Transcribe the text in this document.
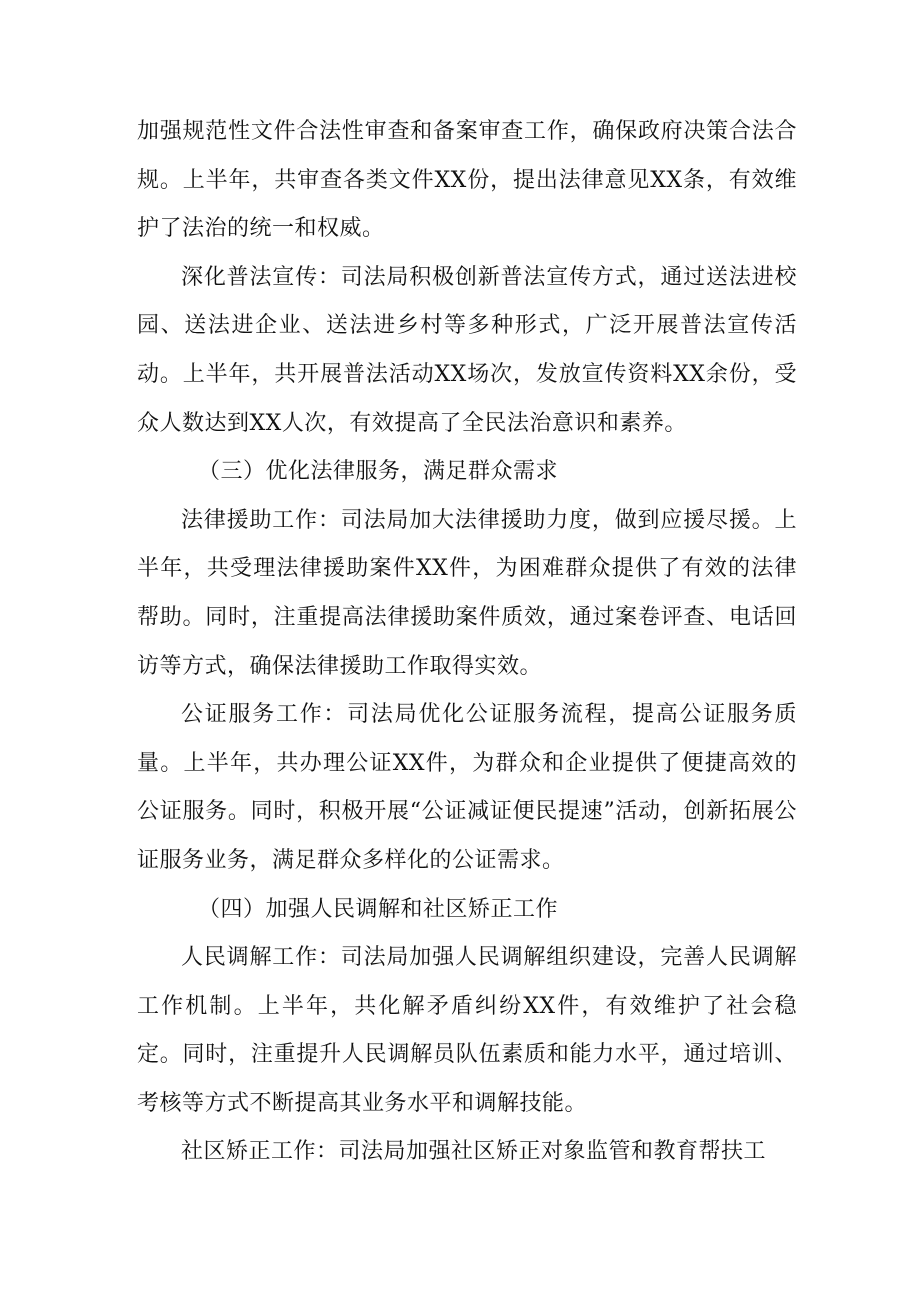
加强规范性文件合法性审查和备案审查工作，确保政府决策合法合规。上半年，共审查各类文件XX份，提出法律意见XX条，有效维护了法治的统一和权威。

深化普法宣传：司法局积极创新普法宣传方式，通过送法进校园、送法进企业、送法进乡村等多种形式，广泛开展普法宣传活动。上半年，共开展普法活动XX场次，发放宣传资料XX余份，受众人数达到XX人次，有效提高了全民法治意识和素养。

（三）优化法律服务，满足群众需求

法律援助工作：司法局加大法律援助力度，做到应援尽援。上半年，共受理法律援助案件XX件，为困难群众提供了有效的法律帮助。同时，注重提高法律援助案件质效，通过案卷评查、电话回访等方式，确保法律援助工作取得实效。

公证服务工作：司法局优化公证服务流程，提高公证服务质量。上半年，共办理公证XX件，为群众和企业提供了便捷高效的公证服务。同时，积极开展“公证减证便民提速”活动，创新拓展公证服务业务，满足群众多样化的公证需求。

（四）加强人民调解和社区矫正工作

人民调解工作：司法局加强人民调解组织建设，完善人民调解工作机制。上半年，共化解矛盾纠纷XX件，有效维护了社会稳定。同时，注重提升人民调解员队伍素质和能力水平，通过培训、考核等方式不断提高其业务水平和调解技能。

社区矫正工作：司法局加强社区矫正对象监管和教育帮扶工
